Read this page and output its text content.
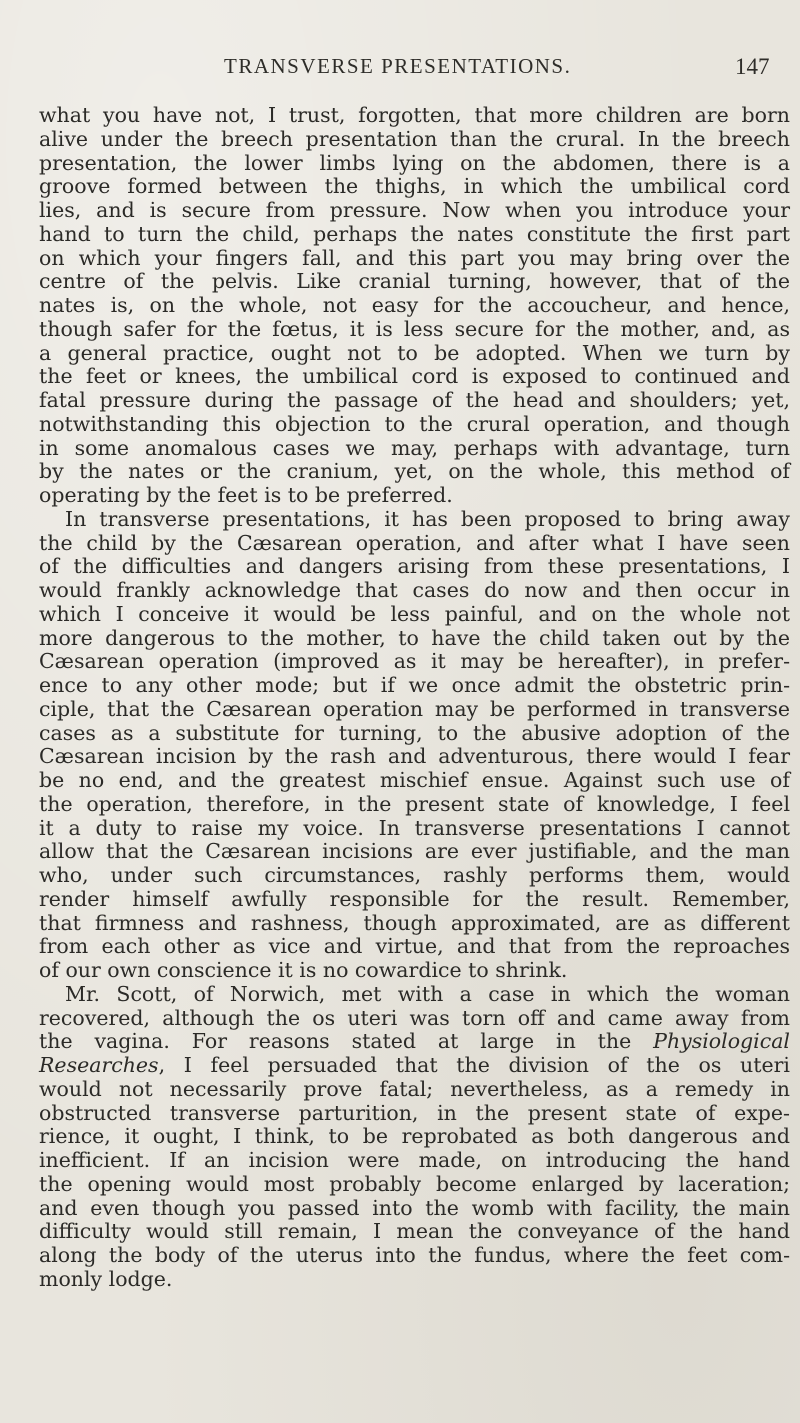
TRANSVERSE PRESENTATIONS.	147
what you have not, I trust, forgotten, that more children are born
alive under the breech presentation than the crural. In the breech
presentation, the lower limbs lying on the abdomen, there is a
groove formed between the thighs, in which the umbilical cord
lies, and is secure from pressure. Now when you introduce your
hand to turn the child, perhaps the nates constitute the first part
on which your fingers fall, and this part you may bring over the
centre of the pelvis. Like cranial turning, however, that of the
nates is, on the whole, not easy for the accoucheur, and hence,
though safer for the fœtus, it is less secure for the mother, and, as
a general practice, ought not to be adopted. When we turn by
the feet or knees, the umbilical cord is exposed to continued and
fatal pressure during the passage of the head and shoulders; yet,
notwithstanding this objection to the crural operation, and though
in some anomalous cases we may, perhaps with advantage, turn
by the nates or the cranium, yet, on the whole, this method of
operating by the feet is to be preferred.
In transverse presentations, it has been proposed to bring away
the child by the Cæsarean operation, and after what I have seen
of the difficulties and dangers arising from these presentations, I
would frankly acknowledge that cases do now and then occur in
which I conceive it would be less painful, and on the whole not
more dangerous to the mother, to have the child taken out by the
Cæsarean operation (improved as it may be hereafter), in prefer-
ence to any other mode; but if we once admit the obstetric prin-
ciple, that the Cæsarean operation may be performed in transverse
cases as a substitute for turning, to the abusive adoption of the
Cæsarean incision by the rash and adventurous, there would I fear
be no end, and the greatest mischief ensue. Against such use of
the operation, therefore, in the present state of knowledge, I feel
it a duty to raise my voice. In transverse presentations I cannot
allow that the Cæsarean incisions are ever justifiable, and the man
who, under such circumstances, rashly performs them, would
render himself awfully responsible for the result. Remember,
that firmness and rashness, though approximated, are as different
from each other as vice and virtue, and that from the reproaches
of our own conscience it is no cowardice to shrink.
Mr. Scott, of Norwich, met with a case in which the woman
recovered, although the os uteri was torn off and came away from
the vagina. For reasons stated at large in the Physiological
Researches, I feel persuaded that the division of the os uteri
would not necessarily prove fatal; nevertheless, as a remedy in
obstructed transverse parturition, in the present state of expe-
rience, it ought, I think, to be reprobated as both dangerous and
inefficient. If an incision were made, on introducing the hand
the opening would most probably become enlarged by laceration;
and even though you passed into the womb with facility, the main
difficulty would still remain, I mean the conveyance of the hand
along the body of the uterus into the fundus, where the feet com-
monly lodge.
